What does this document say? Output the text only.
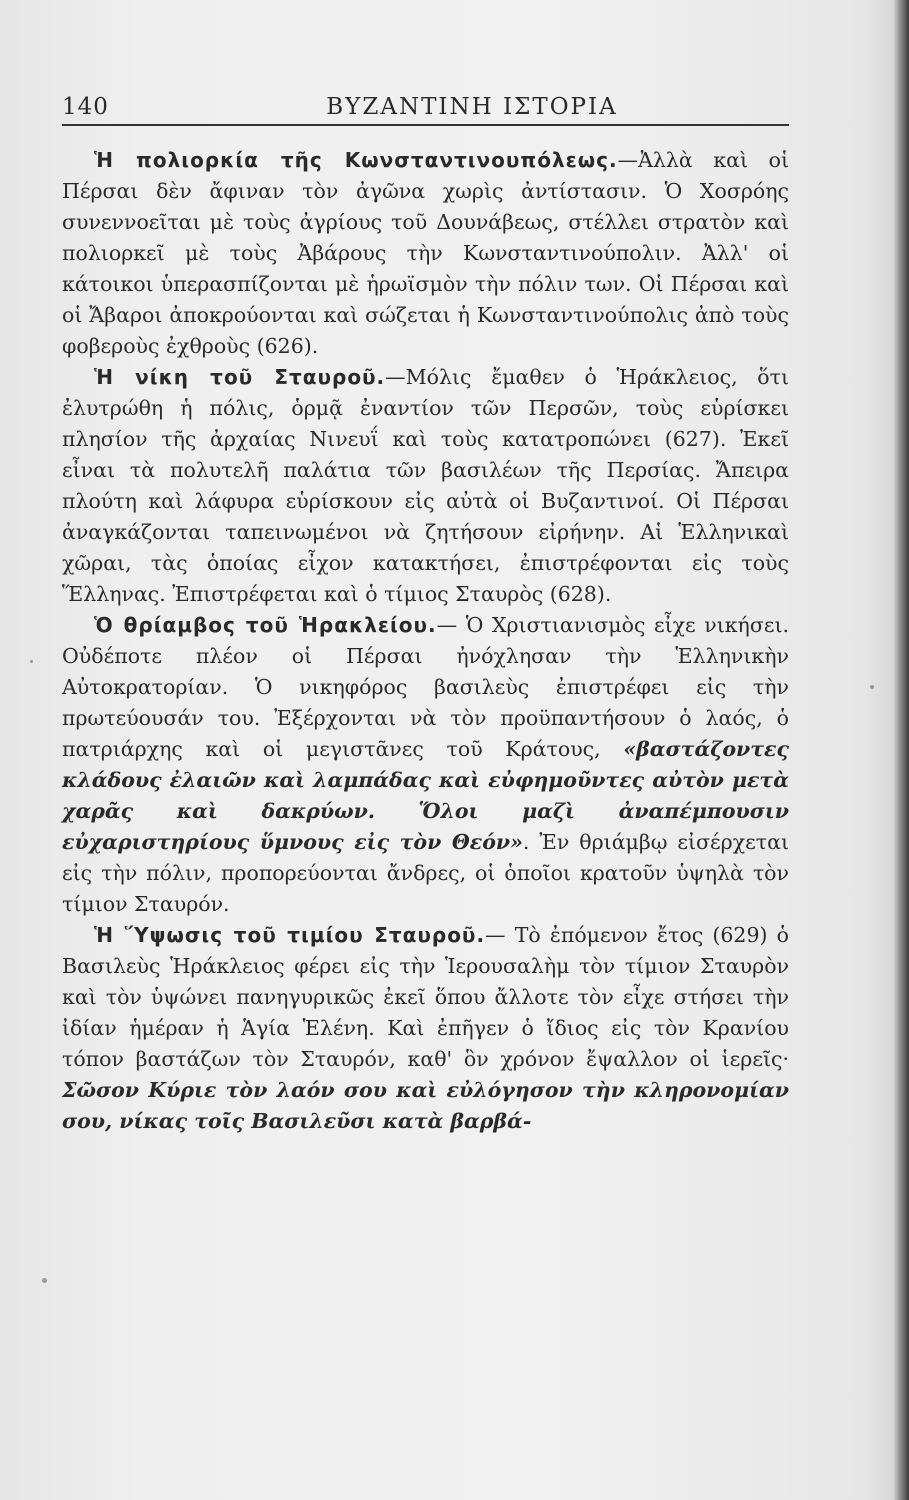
140	ΒΥΖΑΝΤΙΝΗ ΙΣΤΟΡΙΑ

Ἡ πολιορκία τῆς Κωνσταντινουπόλεως.—Ἀλλὰ καὶ οἱ Πέρσαι δὲν ἄφιναν τὸν ἀγῶνα χωρὶς ἀντίστασιν. Ὁ Χοσρόης συνεννοεῖται μὲ τοὺς ἀγρίους τοῦ Δουνάβεως, στέλλει στρατὸν καὶ πολιορκεῖ μὲ τοὺς Ἀβάρους τὴν Κωνσταντινούπολιν. Ἀλλ' οἱ κάτοικοι ὑπερασπίζονται μὲ ἡρωϊσμὸν τὴν πόλιν των. Οἱ Πέρσαι καὶ οἱ Ἄβαροι ἀποκρούονται καὶ σώζεται ἡ Κωνσταντινούπολις ἀπὸ τοὺς φοβεροὺς ἐχθροὺς (626).

Ἡ νίκη τοῦ Σταυροῦ.—Μόλις ἔμαθεν ὁ Ἡράκλειος, ὅτι ἐλυτρώθη ἡ πόλις, ὁρμᾷ ἐναντίον τῶν Περσῶν, τοὺς εὑρίσκει πλησίον τῆς ἀρχαίας Νινευΐ καὶ τοὺς κατατροπώνει (627). Ἐκεῖ εἶναι τὰ πολυτελῆ παλάτια τῶν βασιλέων τῆς Περσίας. Ἄπειρα πλούτη καὶ λάφυρα εὑρίσκουν εἰς αὐτὰ οἱ Βυζαντινοί. Οἱ Πέρσαι ἀναγκάζονται ταπεινωμένοι νὰ ζητήσουν εἰρήνην. Αἱ Ἑλληνικαὶ χῶραι, τὰς ὁποίας εἶχον κατακτήσει, ἐπιστρέφονται εἰς τοὺς Ἕλληνας. Ἐπιστρέφεται καὶ ὁ τίμιος Σταυρὸς (628).

Ὁ θρίαμβος τοῦ Ἡρακλείου.— Ὁ Χριστιανισμὸς εἶχε νικήσει. Οὐδέποτε πλέον οἱ Πέρσαι ἠνόχλησαν τὴν Ἑλληνικὴν Αὐτοκρατορίαν. Ὁ νικηφόρος βασιλεὺς ἐπιστρέφει εἰς τὴν πρωτεύουσάν του. Ἐξέρχονται νὰ τὸν προϋπαντήσουν ὁ λαός, ὁ πατριάρχης καὶ οἱ μεγιστᾶνες τοῦ Κράτους, «βαστάζοντες κλάδους ἐλαιῶν καὶ λαμπάδας καὶ εὐφημοῦντες αὐτὸν μετὰ χαρᾶς καὶ δακρύων. Ὅλοι μαζὶ ἀναπέμπουσιν εὐχαριστηρίους ὕμνους εἰς τὸν Θεόν». Ἐν θριάμβῳ εἰσέρχεται εἰς τὴν πόλιν, προπορεύονται ἄνδρες, οἱ ὁποῖοι κρατοῦν ὑψηλὰ τὸν τίμιον Σταυρόν.

Ἡ Ὕψωσις τοῦ τιμίου Σταυροῦ.— Τὸ ἐπόμενον ἔτος (629) ὁ Βασιλεὺς Ἡράκλειος φέρει εἰς τὴν Ἱερουσαλὴμ τὸν τίμιον Σταυρὸν καὶ τὸν ὑψώνει πανηγυρικῶς ἐκεῖ ὅπου ἄλλοτε τὸν εἶχε στήσει τὴν ἰδίαν ἡμέραν ἡ Ἁγία Ἑλένη. Καὶ ἐπῆγεν ὁ ἴδιος εἰς τὸν Κρανίου τόπον βαστάζων τὸν Σταυρόν, καθ' ὃν χρόνον ἔψαλλον οἱ ἱερεῖς· Σῶσον Κύριε τὸν λαόν σου καὶ εὐλόγησον τὴν κληρονομίαν σου, νίκας τοῖς Βασιλεῦσι κατὰ βαρβά-
